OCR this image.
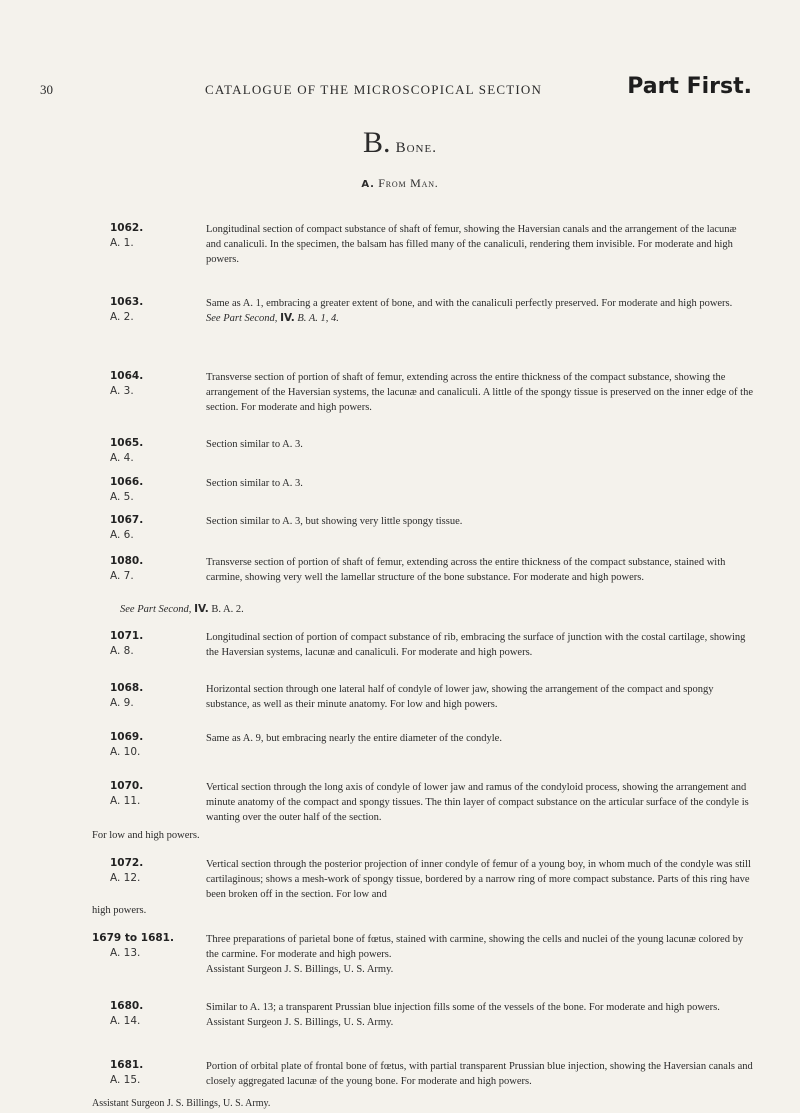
30	CATALOGUE OF THE MICROSCOPICAL SECTION	Part First.
B. Bone.
A. From Man.
1062.
A. 1.
Longitudinal section of compact substance of shaft of femur, showing the Haversian canals and the arrangement of the lacunæ and canaliculi. In the specimen, the balsam has filled many of the canaliculi, rendering them invisible. For moderate and high powers.
1063.
A. 2.
Same as A. 1, embracing a greater extent of bone, and with the canaliculi perfectly preserved. For moderate and high powers.
See Part Second, IV. B. A. 1, 4.
1064.
A. 3.
Transverse section of portion of shaft of femur, extending across the entire thickness of the compact substance, showing the arrangement of the Haversian systems, the lacunæ and canaliculi. A little of the spongy tissue is preserved on the inner edge of the section. For moderate and high powers.
1065.
A. 4.
Section similar to A. 3.
1066.
A. 5.
Section similar to A. 3.
1067.
A. 6.
Section similar to A. 3, but showing very little spongy tissue.
1080.
A. 7.
Transverse section of portion of shaft of femur, extending across the entire thickness of the compact substance, stained with carmine, showing very well the lamellar structure of the bone substance. For moderate and high powers.
See Part Second, IV. B. A. 2.
1071.
A. 8.
Longitudinal section of portion of compact substance of rib, embracing the surface of junction with the costal cartilage, showing the Haversian systems, lacunæ and canaliculi. For moderate and high powers.
1068.
A. 9.
Horizontal section through one lateral half of condyle of lower jaw, showing the arrangement of the compact and spongy substance, as well as their minute anatomy. For low and high powers.
1069.
A. 10.
Same as A. 9, but embracing nearly the entire diameter of the condyle.
1070.
A. 11.
Vertical section through the long axis of condyle of lower jaw and ramus of the condyloid process, showing the arrangement and minute anatomy of the compact and spongy tissues. The thin layer of compact substance on the articular surface of the condyle is wanting over the outer half of the section.
For low and high powers.
1072.
A. 12.
Vertical section through the posterior projection of inner condyle of femur of a young boy, in whom much of the condyle was still cartilaginous; shows a mesh-work of spongy tissue, bordered by a narrow ring of more compact substance. Parts of this ring have been broken off in the section. For low and
high powers.
1679 to 1681.
A. 13.
Three preparations of parietal bone of fœtus, stained with carmine, showing the cells and nuclei of the young lacunæ colored by the carmine. For moderate and high powers.
Assistant Surgeon J. S. Billings, U. S. Army.
1680.
A. 14.
Similar to A. 13; a transparent Prussian blue injection fills some of the vessels of the bone. For moderate and high powers.
Assistant Surgeon J. S. Billings, U. S. Army.
1681.
A. 15.
Portion of orbital plate of frontal bone of fœtus, with partial transparent Prussian blue injection, showing the Haversian canals and closely aggregated lacunæ of the young bone. For moderate and high powers.
Assistant Surgeon J. S. Billings, U. S. Army.
